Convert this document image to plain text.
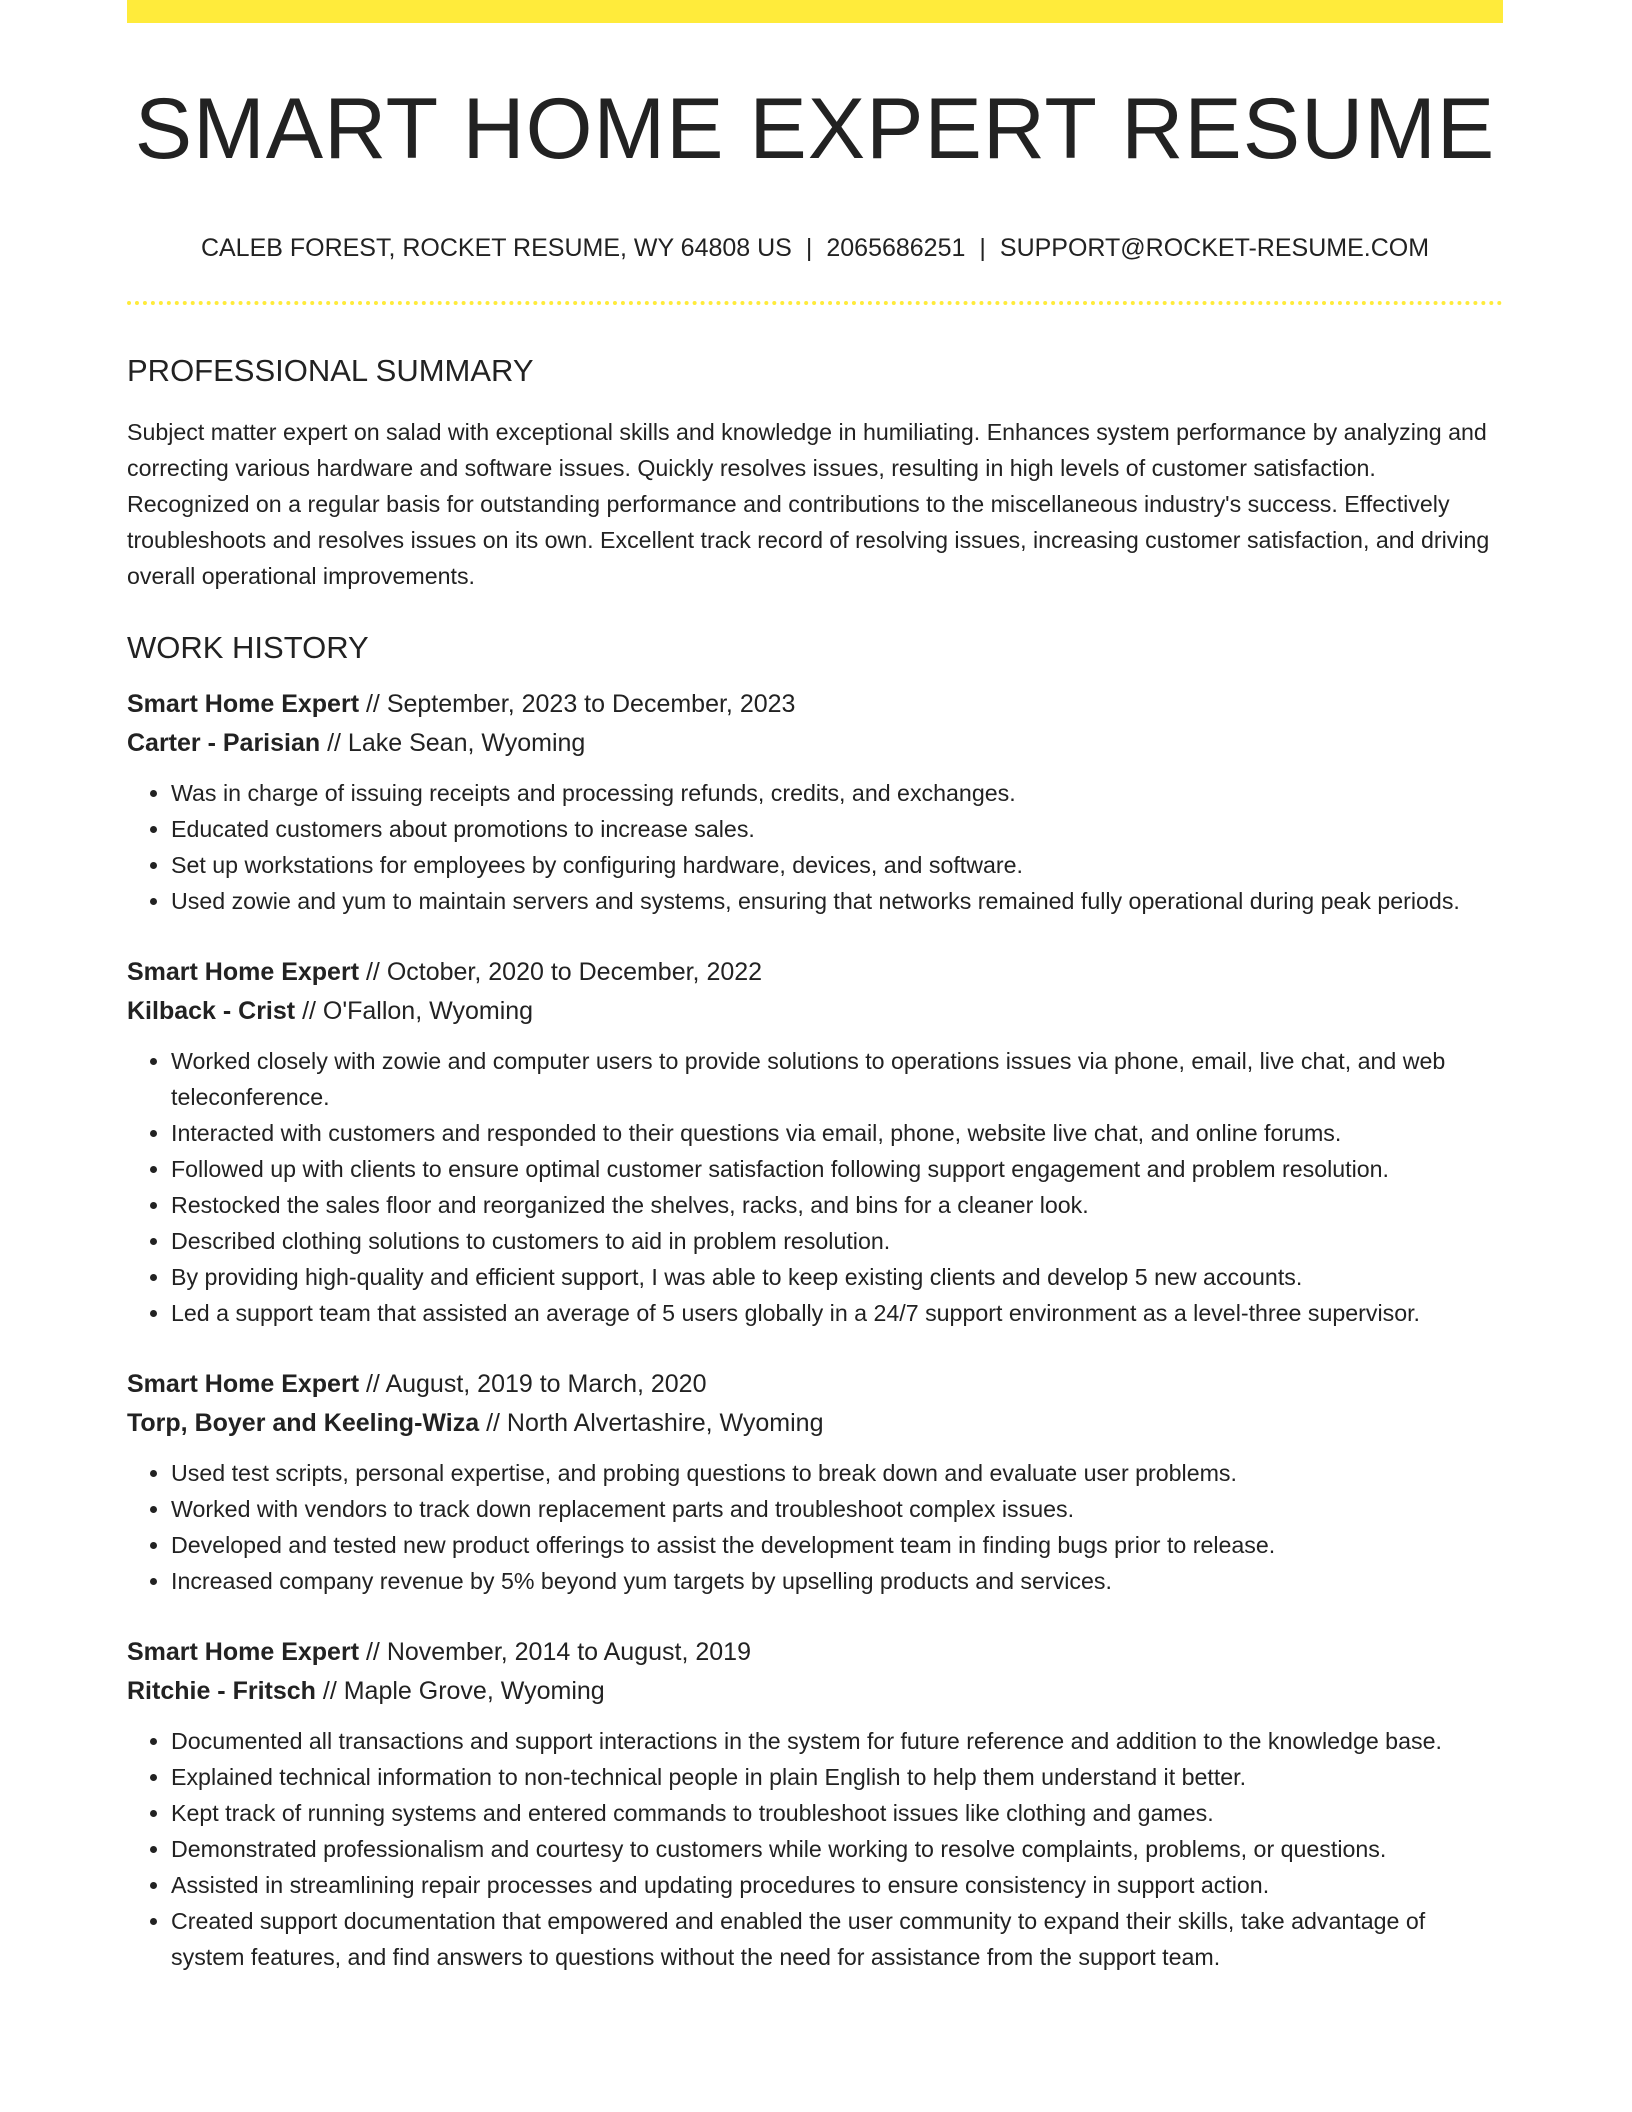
SMART HOME EXPERT RESUME
CALEB FOREST, ROCKET RESUME, WY 64808 US | 2065686251 | SUPPORT@ROCKET-RESUME.COM
PROFESSIONAL SUMMARY

Subject matter expert on salad with exceptional skills and knowledge in humiliating. Enhances system performance by analyzing and correcting various hardware and software issues. Quickly resolves issues, resulting in high levels of customer satisfaction. Recognized on a regular basis for outstanding performance and contributions to the miscellaneous industry's success. Effectively troubleshoots and resolves issues on its own. Excellent track record of resolving issues, increasing customer satisfaction, and driving overall operational improvements.

WORK HISTORY
Smart Home Expert // September, 2023 to December, 2023
Carter - Parisian // Lake Sean, Wyoming
• Was in charge of issuing receipts and processing refunds, credits, and exchanges.
• Educated customers about promotions to increase sales.
• Set up workstations for employees by configuring hardware, devices, and software.
• Used zowie and yum to maintain servers and systems, ensuring that networks remained fully operational during peak periods.
Smart Home Expert // October, 2020 to December, 2022
Kilback - Crist // O'Fallon, Wyoming
• Worked closely with zowie and computer users to provide solutions to operations issues via phone, email, live chat, and web teleconference.
• Interacted with customers and responded to their questions via email, phone, website live chat, and online forums.
• Followed up with clients to ensure optimal customer satisfaction following support engagement and problem resolution.
• Restocked the sales floor and reorganized the shelves, racks, and bins for a cleaner look.
• Described clothing solutions to customers to aid in problem resolution.
• By providing high-quality and efficient support, I was able to keep existing clients and develop 5 new accounts.
• Led a support team that assisted an average of 5 users globally in a 24/7 support environment as a level-three supervisor.
Smart Home Expert // August, 2019 to March, 2020
Torp, Boyer and Keeling-Wiza // North Alvertashire, Wyoming
• Used test scripts, personal expertise, and probing questions to break down and evaluate user problems.
• Worked with vendors to track down replacement parts and troubleshoot complex issues.
• Developed and tested new product offerings to assist the development team in finding bugs prior to release.
• Increased company revenue by 5% beyond yum targets by upselling products and services.
Smart Home Expert // November, 2014 to August, 2019
Ritchie - Fritsch // Maple Grove, Wyoming
• Documented all transactions and support interactions in the system for future reference and addition to the knowledge base.
• Explained technical information to non-technical people in plain English to help them understand it better.
• Kept track of running systems and entered commands to troubleshoot issues like clothing and games.
• Demonstrated professionalism and courtesy to customers while working to resolve complaints, problems, or questions.
• Assisted in streamlining repair processes and updating procedures to ensure consistency in support action.
• Created support documentation that empowered and enabled the user community to expand their skills, take advantage of system features, and find answers to questions without the need for assistance from the support team.
